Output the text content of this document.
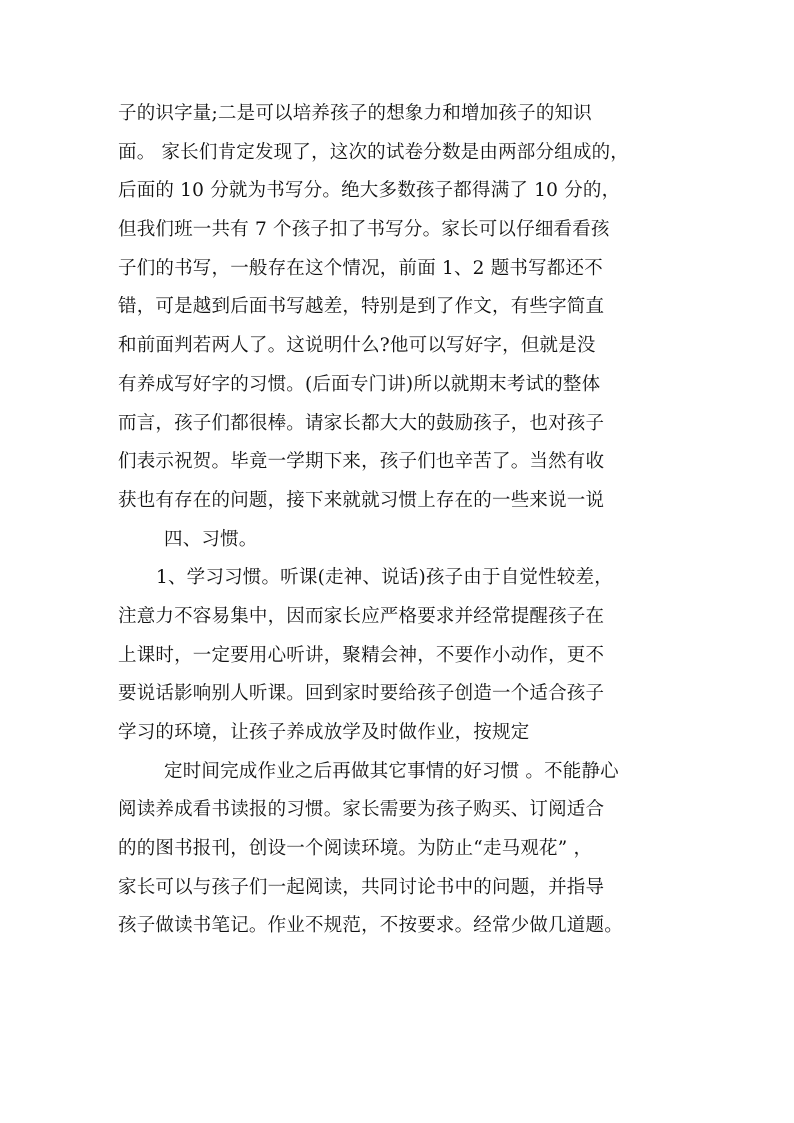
子的识字量;二是可以培养孩子的想象力和增加孩子的知识
面。 家长们肯定发现了，这次的试卷分数是由两部分组成的，
后面的 10 分就为书写分。绝大多数孩子都得满了 10 分的，
但我们班一共有 7 个孩子扣了书写分。家长可以仔细看看孩
子们的书写，一般存在这个情况，前面 1、2 题书写都还不
错，可是越到后面书写越差，特别是到了作文，有些字简直
和前面判若两人了。这说明什么?他可以写好字，但就是没
有养成写好字的习惯。(后面专门讲)所以就期末考试的整体
而言，孩子们都很棒。请家长都大大的鼓励孩子，也对孩子
们表示祝贺。毕竟一学期下来，孩子们也辛苦了。当然有收
获也有存在的问题，接下来就就习惯上存在的一些来说一说
四、习惯。
1、学习习惯。听课(走神、说话)孩子由于自觉性较差，
注意力不容易集中，因而家长应严格要求并经常提醒孩子在
上课时，一定要用心听讲，聚精会神，不要作小动作，更不
要说话影响别人听课。回到家时要给孩子创造一个适合孩子
学习的环境，让孩子养成放学及时做作业，按规定
定时间完成作业之后再做其它事情的好习惯 。不能静心
阅读养成看书读报的习惯。家长需要为孩子购买、订阅适合
的的图书报刊，创设一个阅读环境。为防止“走马观花” ，
家长可以与孩子们一起阅读，共同讨论书中的问题，并指导
孩子做读书笔记。作业不规范，不按要求。经常少做几道题。
